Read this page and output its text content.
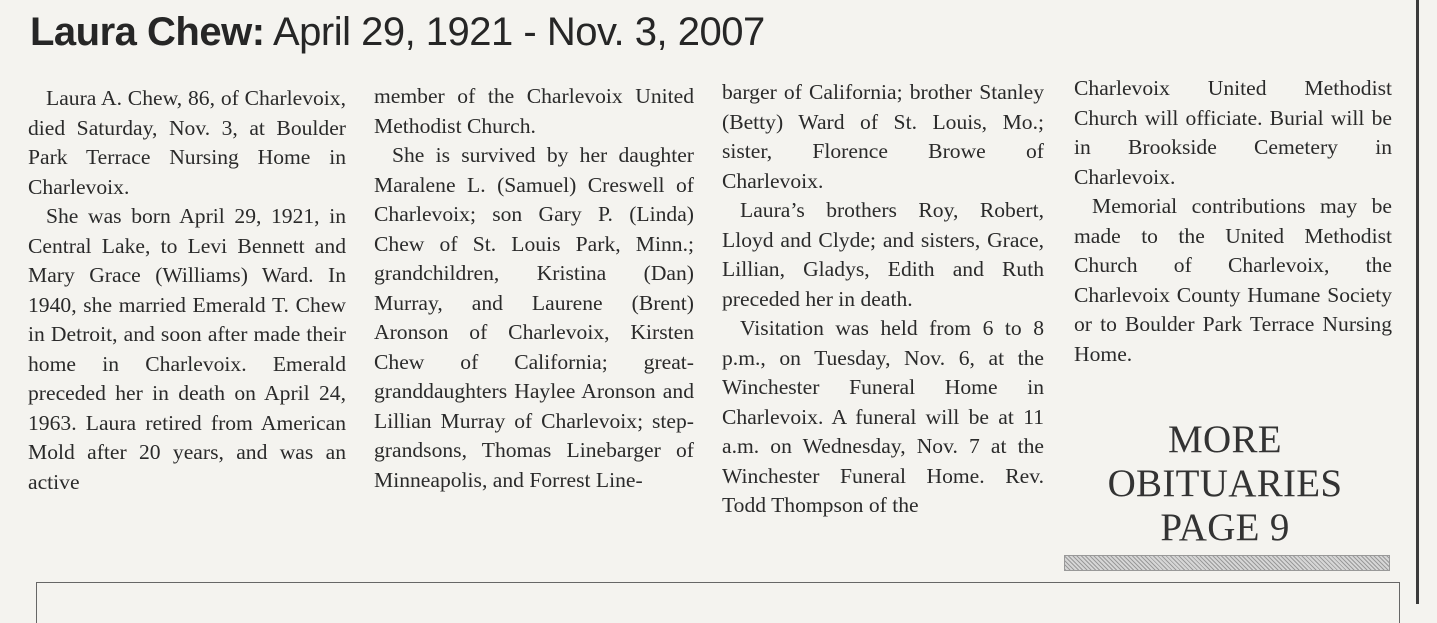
Laura Chew: April 29, 1921 - Nov. 3, 2007

Laura A. Chew, 86, of Charlevoix, died Saturday, Nov. 3, at Boulder Park Terrace Nursing Home in Charlevoix.

She was born April 29, 1921, in Central Lake, to Levi Bennett and Mary Grace (Williams) Ward. In 1940, she married Emerald T. Chew in Detroit, and soon after made their home in Charlevoix. Emerald preceded her in death on April 24, 1963. Laura retired from American Mold after 20 years, and was an active

member of the Charlevoix United Methodist Church.

She is survived by her daughter Maralene L. (Samuel) Creswell of Charlevoix; son Gary P. (Linda) Chew of St. Louis Park, Minn.; grandchildren, Kristina (Dan) Murray, and Laurene (Brent) Aronson of Charlevoix, Kirsten Chew of California; great-granddaughters Haylee Aronson and Lillian Murray of Charlevoix; step-grandsons, Thomas Linebarger of Minneapolis, and Forrest Line-

barger of California; brother Stanley (Betty) Ward of St. Louis, Mo.; sister, Florence Browe of Charlevoix.

Laura’s brothers Roy, Robert, Lloyd and Clyde; and sisters, Grace, Lillian, Gladys, Edith and Ruth preceded her in death.

Visitation was held from 6 to 8 p.m., on Tuesday, Nov. 6, at the Winchester Funeral Home in Charlevoix. A funeral will be at 11 a.m. on Wednesday, Nov. 7 at the Winchester Funeral Home. Rev. Todd Thompson of the

Charlevoix United Methodist Church will officiate. Burial will be in Brookside Cemetery in Charlevoix.

Memorial contributions may be made to the United Methodist Church of Charlevoix, the Charlevoix County Humane Society or to Boulder Park Terrace Nursing Home.

MORE
OBITUARIES
PAGE 9
